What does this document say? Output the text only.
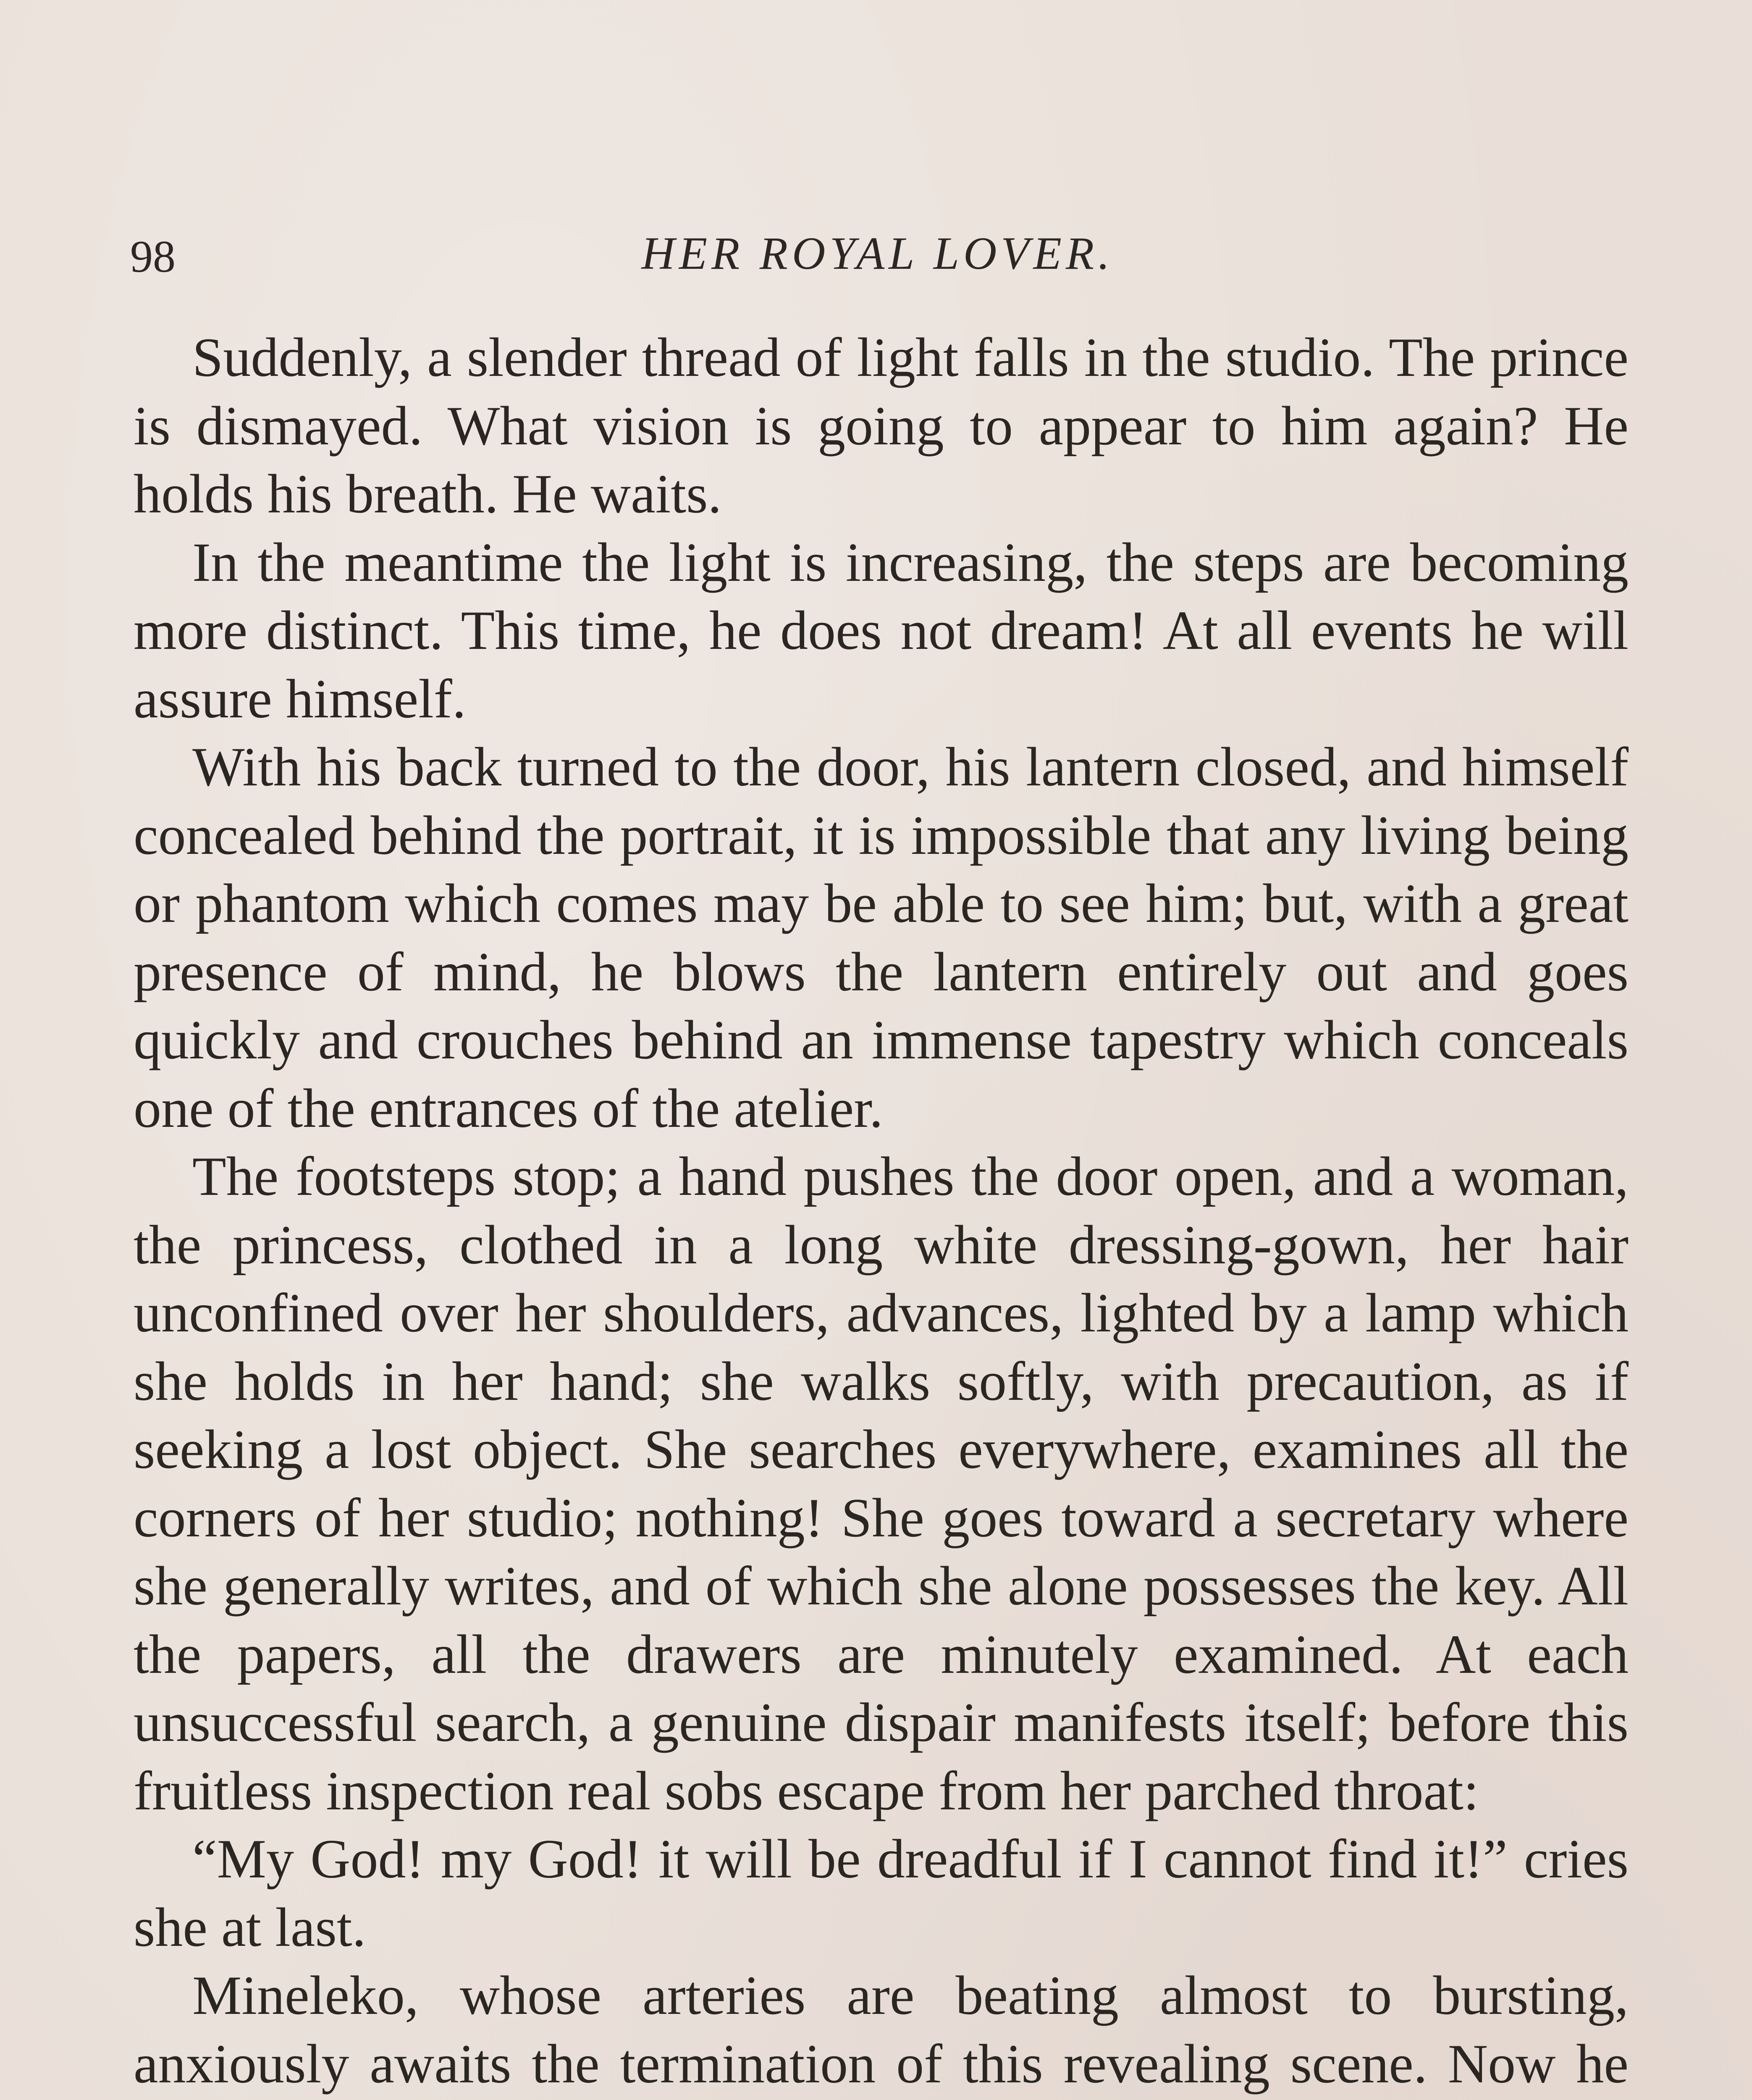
98	HER ROYAL LOVER.

Suddenly, a slender thread of light falls in the studio. The prince is dismayed. What vision is going to appear to him again? He holds his breath. He waits.

In the meantime the light is increasing, the steps are becoming more distinct. This time, he does not dream! At all events he will assure himself.

With his back turned to the door, his lantern closed, and himself concealed behind the portrait, it is impossible that any living being or phantom which comes may be able to see him; but, with a great presence of mind, he blows the lantern entirely out and goes quickly and crouches behind an immense tapestry which conceals one of the entrances of the atelier.

The footsteps stop; a hand pushes the door open, and a woman, the princess, clothed in a long white dressing-gown, her hair unconfined over her shoulders, advances, lighted by a lamp which she holds in her hand; she walks softly, with precaution, as if seeking a lost object. She searches everywhere, examines all the corners of her studio; nothing! She goes toward a secretary where she generally writes, and of which she alone possesses the key. All the papers, all the drawers are minutely examined. At each unsuccessful search, a genuine dispair manifests itself; before this fruitless inspection real sobs escape from her parched throat:

“My God! my God! it will be dreadful if I cannot find it!” cries she at last.

Mineleko, whose arteries are beating almost to bursting, anxiously awaits the termination of this revealing scene. Now he
